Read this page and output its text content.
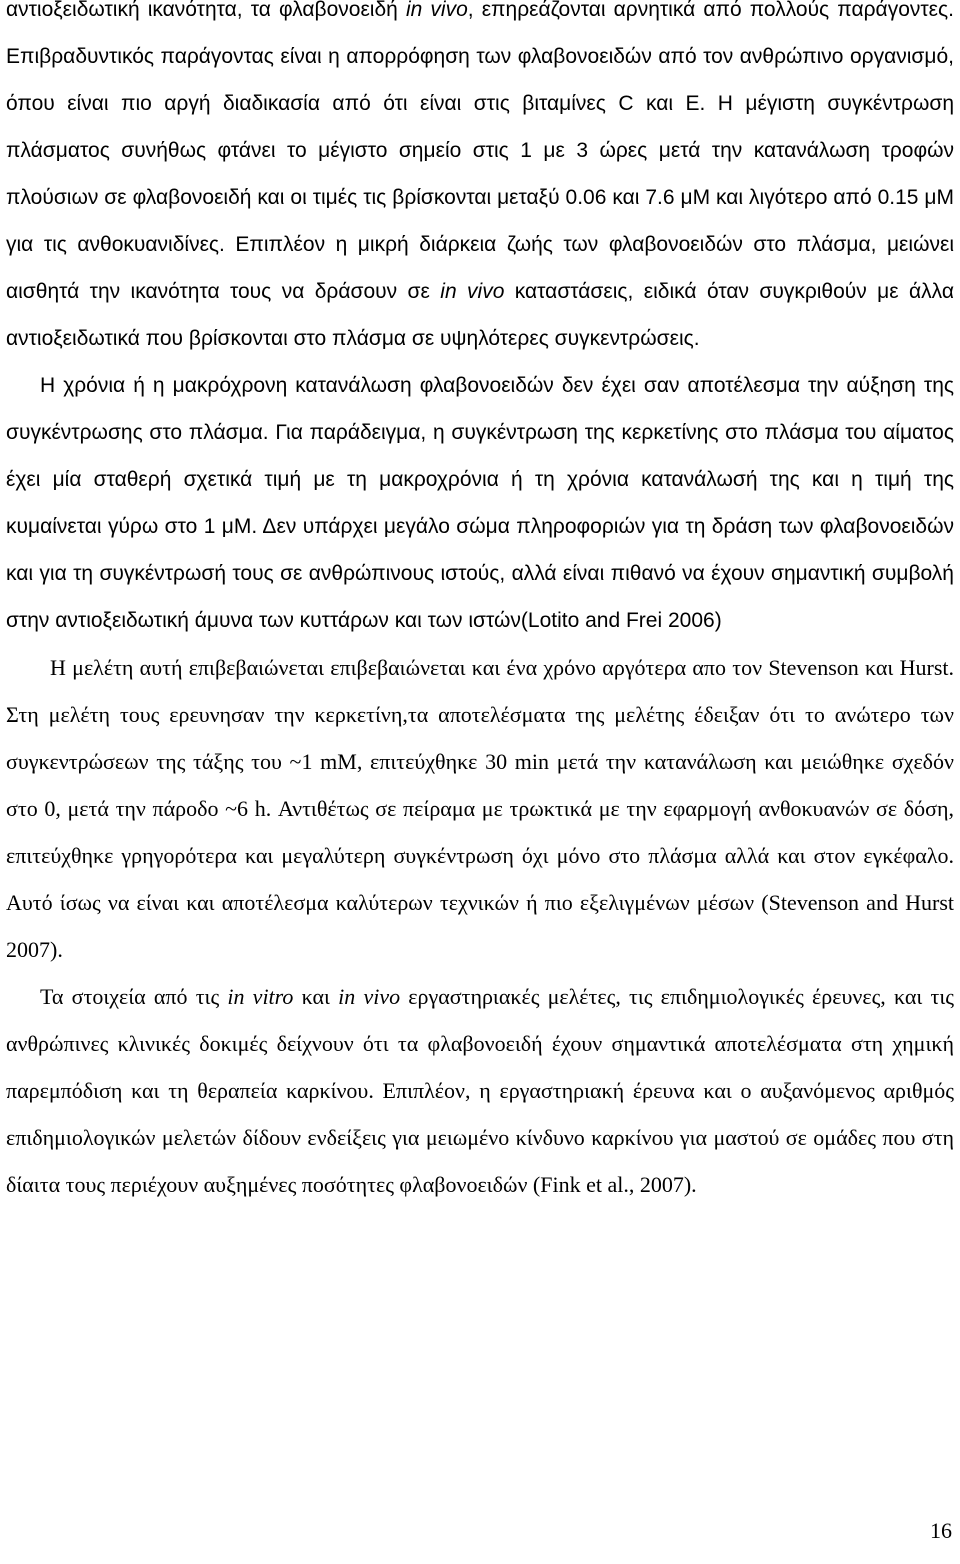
αντιοξειδωτική ικανότητα, τα φλαβονοειδή in vivo, επηρεάζονται αρνητικά από πολλούς παράγοντες. Επιβραδυντικός παράγοντας είναι η απορρόφηση των φλαβονοειδών από τον ανθρώπινο οργανισμό, όπου είναι πιο αργή διαδικασία από ότι είναι στις βιταμίνες C και E. Η μέγιστη συγκέντρωση πλάσματος συνήθως φτάνει το μέγιστο σημείο στις 1 με 3 ώρες μετά την κατανάλωση τροφών πλούσιων σε φλαβονοειδή και οι τιμές τις βρίσκονται μεταξύ 0.06 και 7.6 μΜ και λιγότερο από 0.15 μΜ για τις ανθοκυανιδίνες. Επιπλέον η μικρή διάρκεια ζωής των φλαβονοειδών στο πλάσμα, μειώνει αισθητά την ικανότητα τους να δράσουν σε in vivo καταστάσεις, ειδικά όταν συγκριθούν με άλλα αντιοξειδωτικά που βρίσκονται στο πλάσμα σε υψηλότερες συγκεντρώσεις.

Η χρόνια ή η μακρόχρονη κατανάλωση φλαβονοειδών δεν έχει σαν αποτέλεσμα την αύξηση της συγκέντρωσης στο πλάσμα. Για παράδειγμα, η συγκέντρωση της κερκετίνης στο πλάσμα του αίματος έχει μία σταθερή σχετικά τιμή με τη μακροχρόνια ή τη χρόνια κατανάλωσή της και η τιμή της κυμαίνεται γύρω στο 1 μΜ. Δεν υπάρχει μεγάλο σώμα πληροφοριών για τη δράση των φλαβονοειδών και για τη συγκέντρωσή τους σε ανθρώπινους ιστούς, αλλά είναι πιθανό να έχουν σημαντική συμβολή στην αντιοξειδωτική άμυνα των κυττάρων και των ιστών(Lotito and Frei 2006)

Η μελέτη αυτή επιβεβαιώνεται επιβεβαιώνεται και ένα χρόνο αργότερα απο τον Stevenson και Hurst. Στη μελέτη τους ερευνησαν την κερκετίνη,τα αποτελέσματα της μελέτης έδειξαν ότι το ανώτερο των συγκεντρώσεων της τάξης του ~1 mM, επιτεύχθηκε 30 min μετά την κατανάλωση και μειώθηκε σχεδόν στο 0, μετά την πάροδο ~6 h. Αντιθέτως σε πείραμα με τρωκτικά με την εφαρμογή ανθοκυανών σε δόση, επιτεύχθηκε γρηγορότερα και μεγαλύτερη συγκέντρωση όχι μόνο στο πλάσμα αλλά και στον εγκέφαλο. Αυτό ίσως να είναι και αποτέλεσμα καλύτερων τεχνικών ή πιο εξελιγμένων μέσων (Stevenson and Hurst 2007).

Τα στοιχεία από τις in vitro και in vivo εργαστηριακές μελέτες, τις επιδημιολογικές έρευνες, και τις ανθρώπινες κλινικές δοκιμές δείχνουν ότι τα φλαβονοειδή έχουν σημαντικά αποτελέσματα στη χημική παρεμπόδιση και τη θεραπεία καρκίνου. Επιπλέον, η εργαστηριακή έρευνα και ο αυξανόμενος αριθμός επιδημιολογικών μελετών δίδουν ενδείξεις για μειωμένο κίνδυνο καρκίνου για μαστού σε ομάδες που στη δίαιτα τους περιέχουν αυξημένες ποσότητες φλαβονοειδών (Fink et al., 2007).

16
